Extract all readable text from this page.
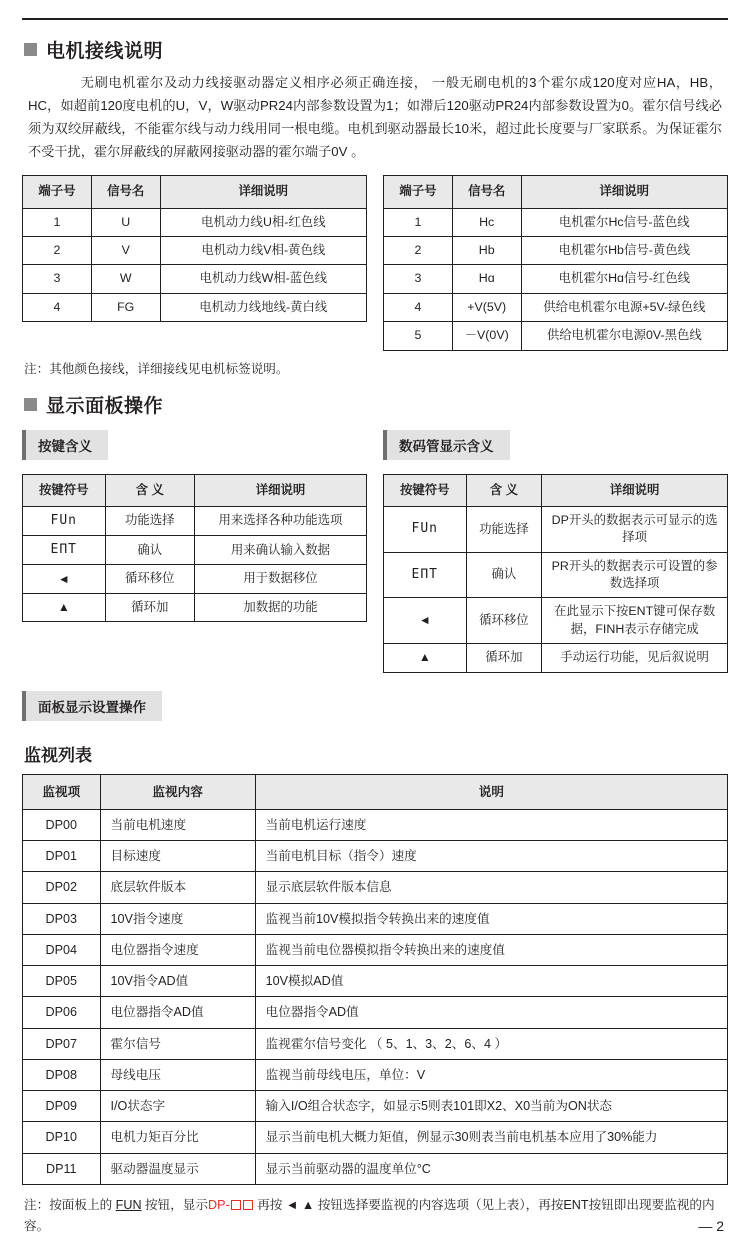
电机接线说明
无刷电机霍尔及动力线接驱动器定义相序必须正确连接， 一般无刷电机的3个霍尔成120度对应HA，HB，HC，如超前120度电机的U，V，W驱动PR24内部参数设置为1；如滞后120驱动PR24内部参数设置为0。霍尔信号线必须为双绞屏蔽线，不能霍尔线与动力线用同一根电缆。电机到驱动器最长10米，超过此长度要与厂家联系。为保证霍尔不受干扰，霍尔屏蔽线的屏蔽网接驱动器的霍尔端子0V 。
端子号	信号名	详细说明
1	U	电机动力线U相-红色线
2	V	电机动力线V相-黄色线
3	W	电机动力线W相-蓝色线
4	FG	电机动力线地线-黄白线
端子号	信号名	详细说明
1	Hc	电机霍尔Hc信号-蓝色线
2	Hb	电机霍尔Hb信号-黄色线
3	Hɑ	电机霍尔Hɑ信号-红色线
4	+V(5V)	供给电机霍尔电源+5V-绿色线
5	－V(0V)	供给电机霍尔电源0V-黑色线
注：其他颜色接线，详细接线见电机标签说明。
显示面板操作
按键含义	数码管显示含义
按键符号	含 义	详细说明
FUn	功能选择	用来选择各种功能选项
EΠT	确认	用来确认输入数据
◄	循环移位	用于数据移位
▲	循环加	加数据的功能
按键符号	含 义	详细说明
FUn	功能选择	DP开头的数据表示可显示的选择项
EΠT	确认	PR开头的数据表示可设置的参数选择项
◄	循环移位	在此显示下按ENT键可保存数据，FINH表示存储完成
▲	循环加	手动运行功能，见后叙说明
面板显示设置操作
监视列表
监视项	监视内容	说明
DP00	当前电机速度	当前电机运行速度
DP01	目标速度	当前电机目标（指令）速度
DP02	底层软件版本	显示底层软件版本信息
DP03	10V指令速度	监视当前10V模拟指令转换出来的速度值
DP04	电位器指令速度	监视当前电位器模拟指令转换出来的速度值
DP05	10V指令AD值	10V模拟AD值
DP06	电位器指令AD值	电位器指令AD值
DP07	霍尔信号	监视霍尔信号变化 （ 5、1、3、2、6、4 ）
DP08	母线电压	监视当前母线电压，单位：V
DP09	I/O状态字	输入I/O组合状态字，如显示5则表101即X2、X0当前为ON状态
DP10	电机力矩百分比	显示当前电机大概力矩值，例显示30则表当前电机基本应用了30%能力
DP11	驱动器温度显示	显示当前驱动器的温度单位°C
注：按面板上的 FUN 按钮，显示DP- 再按 ◄ ▲ 按钮选择要监视的内容选项（见上表），再按ENT按钮即出现要监视的内容。	— 2
